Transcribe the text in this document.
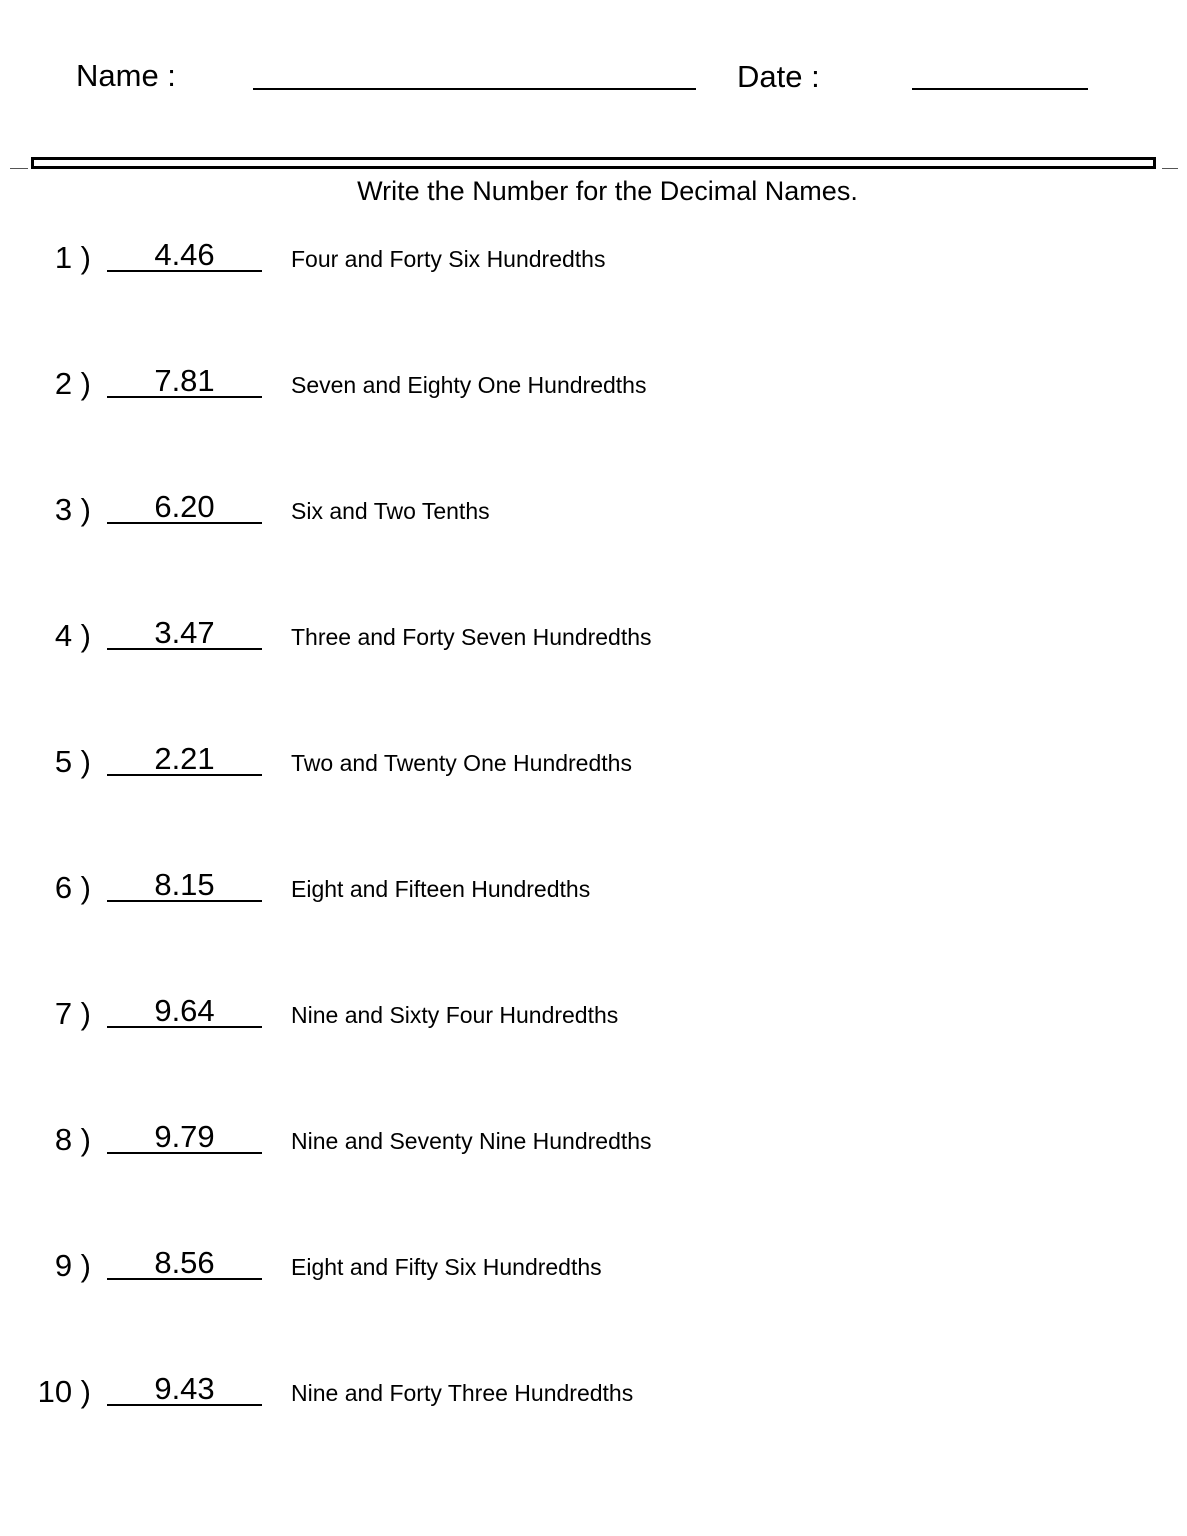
Name :	Date :
Write the Number for the Decimal Names.
1 )	4.46	Four and Forty Six Hundredths
2 )	7.81	Seven and Eighty One Hundredths
3 )	6.20	Six and Two Tenths
4 )	3.47	Three and Forty Seven Hundredths
5 )	2.21	Two and Twenty One Hundredths
6 )	8.15	Eight and Fifteen Hundredths
7 )	9.64	Nine and Sixty Four Hundredths
8 )	9.79	Nine and Seventy Nine Hundredths
9 )	8.56	Eight and Fifty Six Hundredths
10 )	9.43	Nine and Forty Three Hundredths
